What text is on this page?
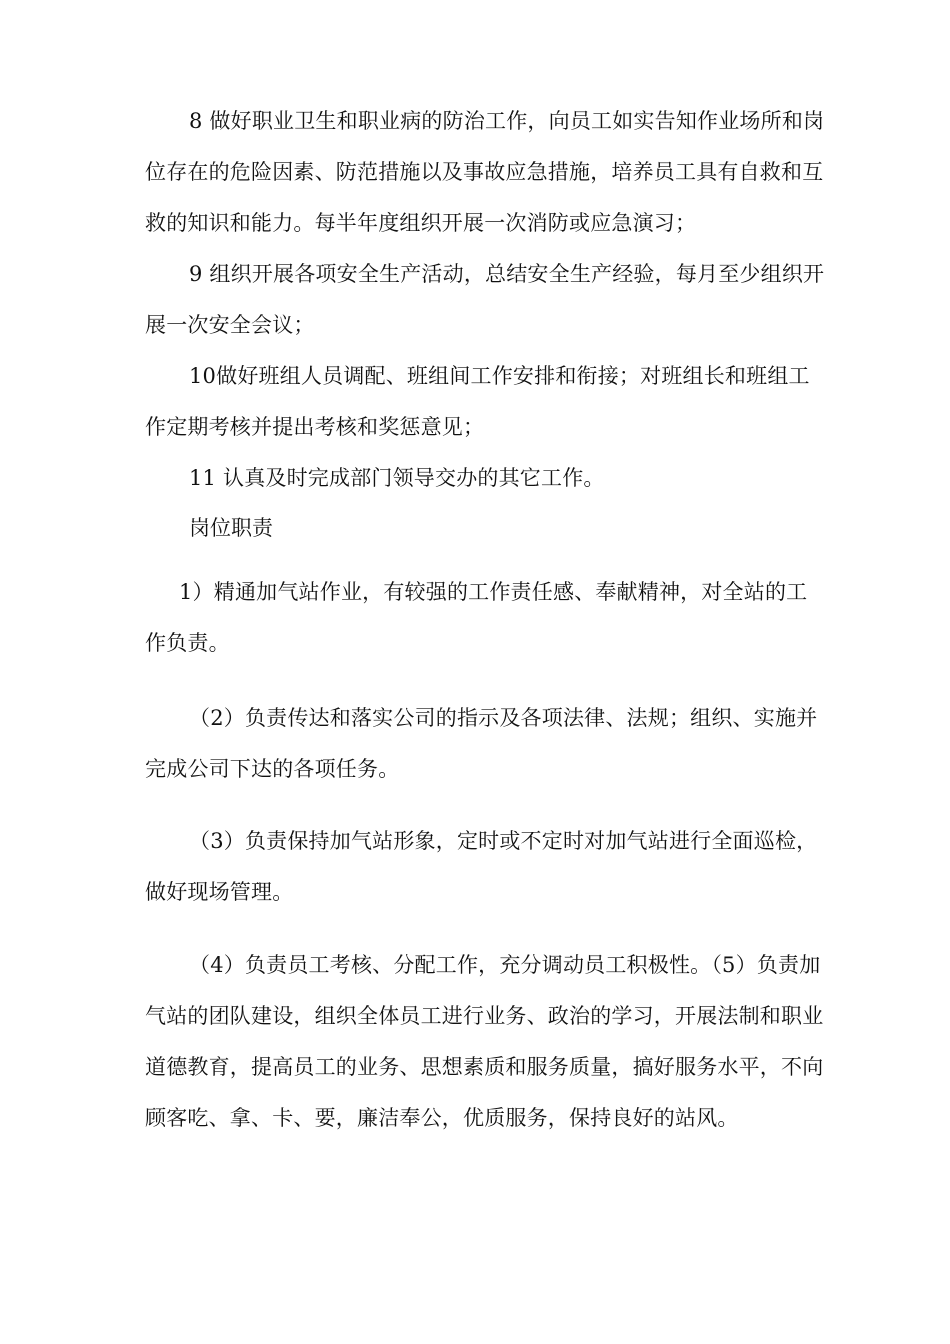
8 做好职业卫生和职业病的防治工作，向员工如实告知作业场所和岗位存在的危险因素、防范措施以及事故应急措施，培养员工具有自救和互救的知识和能力。每半年度组织开展一次消防或应急演习；

9 组织开展各项安全生产活动，总结安全生产经验，每月至少组织开展一次安全会议；

10做好班组人员调配、班组间工作安排和衔接；对班组长和班组工作定期考核并提出考核和奖惩意见；

11 认真及时完成部门领导交办的其它工作。

岗位职责

1）精通加气站作业，有较强的工作责任感、奉献精神，对全站的工作负责。

（2）负责传达和落实公司的指示及各项法律、法规；组织、实施并完成公司下达的各项任务。

（3）负责保持加气站形象，定时或不定时对加气站进行全面巡检，做好现场管理。

（4）负责员工考核、分配工作，充分调动员工积极性。（5）负责加气站的团队建设，组织全体员工进行业务、政治的学习，开展法制和职业道德教育，提高员工的业务、思想素质和服务质量，搞好服务水平，不向顾客吃、拿、卡、要，廉洁奉公，优质服务，保持良好的站风。
